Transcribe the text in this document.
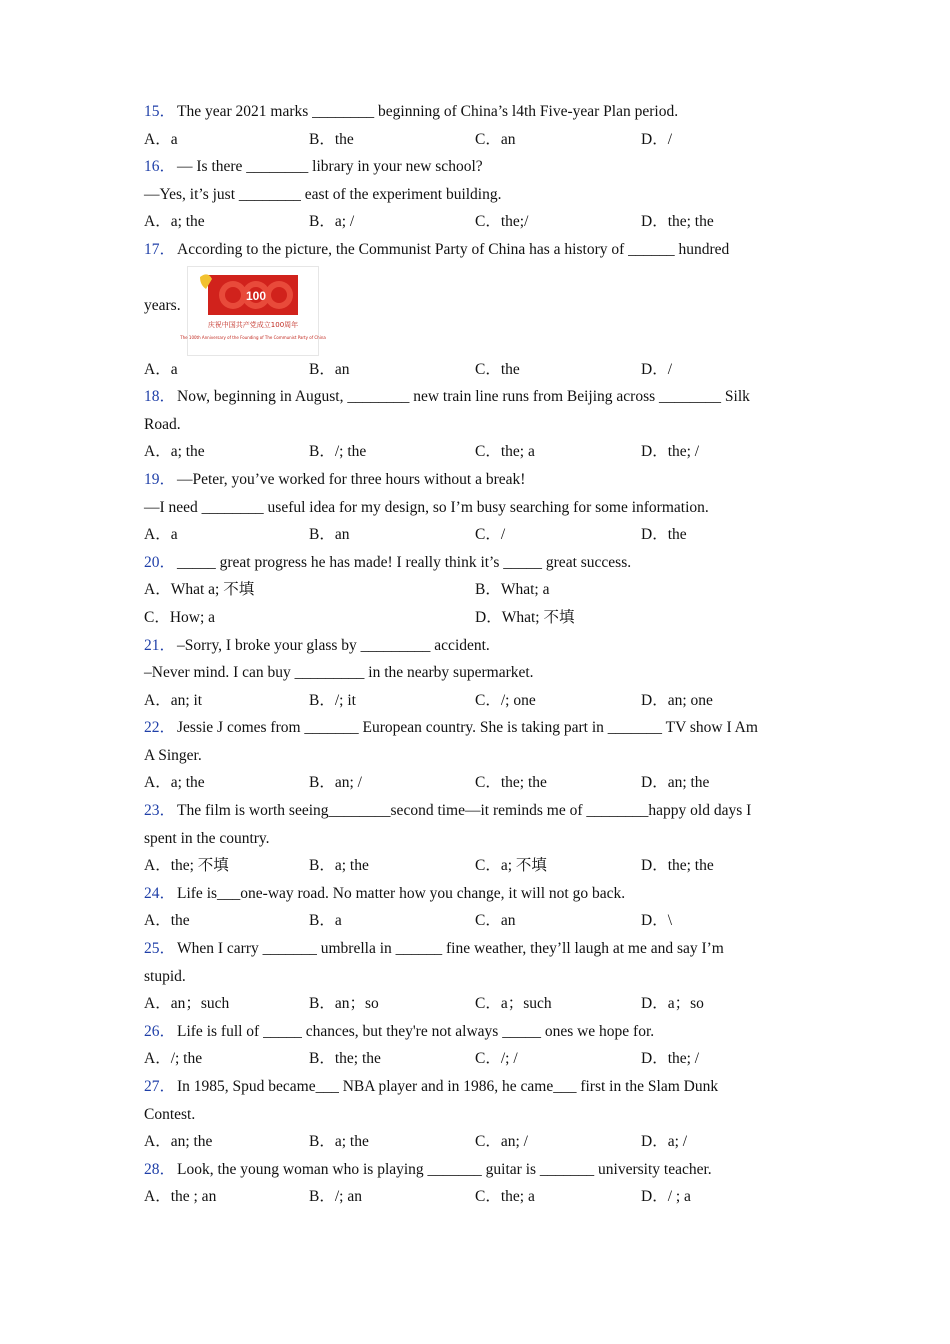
15． The year 2021 marks ________ beginning of China’s l4th Five-year Plan period.
A．a	B．the	C．an	D．/
16． — Is there ________ library in your new school?
—Yes, it’s just ________ east of the experiment building.
A．a; the	B．a; /	C．the;/	D．the; the
17． According to the picture, the Communist Party of China has a history of ______ hundred
years.
100
庆祝中国共产党成立100周年
The 100th Anniversary of the Founding of The Communist Party of China
A．a	B．an	C．the	D．/
18． Now, beginning in August, ________ new train line runs from Beijing across ________ Silk
Road.
A．a; the	B．/; the	C．the; a	D．the; /
19． —Peter, you’ve worked for three hours without a break!
—I need ________ useful idea for my design, so I’m busy searching for some information.
A．a	B．an	C．/	D．the
20． _____ great progress he has made! I really think it’s _____ great success.
A．What a; 不填	B．What; a
C．How; a	D．What; 不填
21． –Sorry, I broke your glass by _________ accident.
–Never mind. I can buy _________ in the nearby supermarket.
A．an; it	B．/; it	C．/; one	D．an; one
22． Jessie J comes from _______ European country. She is taking part in _______ TV show I Am
A Singer.
A．a; the	B．an; /	C．the; the	D．an; the
23． The film is worth seeing________second time—it reminds me of ________happy old days I
spent in the country.
A．the; 不填	B．a; the	C．a; 不填	D．the; the
24． Life is___one-way road. No matter how you change, it will not go back.
A．the	B．a	C．an	D．\
25． When I carry _______ umbrella in ______ fine weather, they’ll laugh at me and say I’m
stupid.
A．an；such	B．an；so	C．a；such	D．a；so
26． Life is full of _____ chances, but they're not always _____ ones we hope for.
A．/; the	B．the; the	C．/; /	D．the; /
27． In 1985, Spud became___ NBA player and in 1986, he came___ first in the Slam Dunk
Contest.
A．an; the	B．a; the	C．an; /	D．a; /
28． Look, the young woman who is playing _______ guitar is _______ university teacher.
A．the ; an	B．/; an	C．the; a	D．/ ; a
